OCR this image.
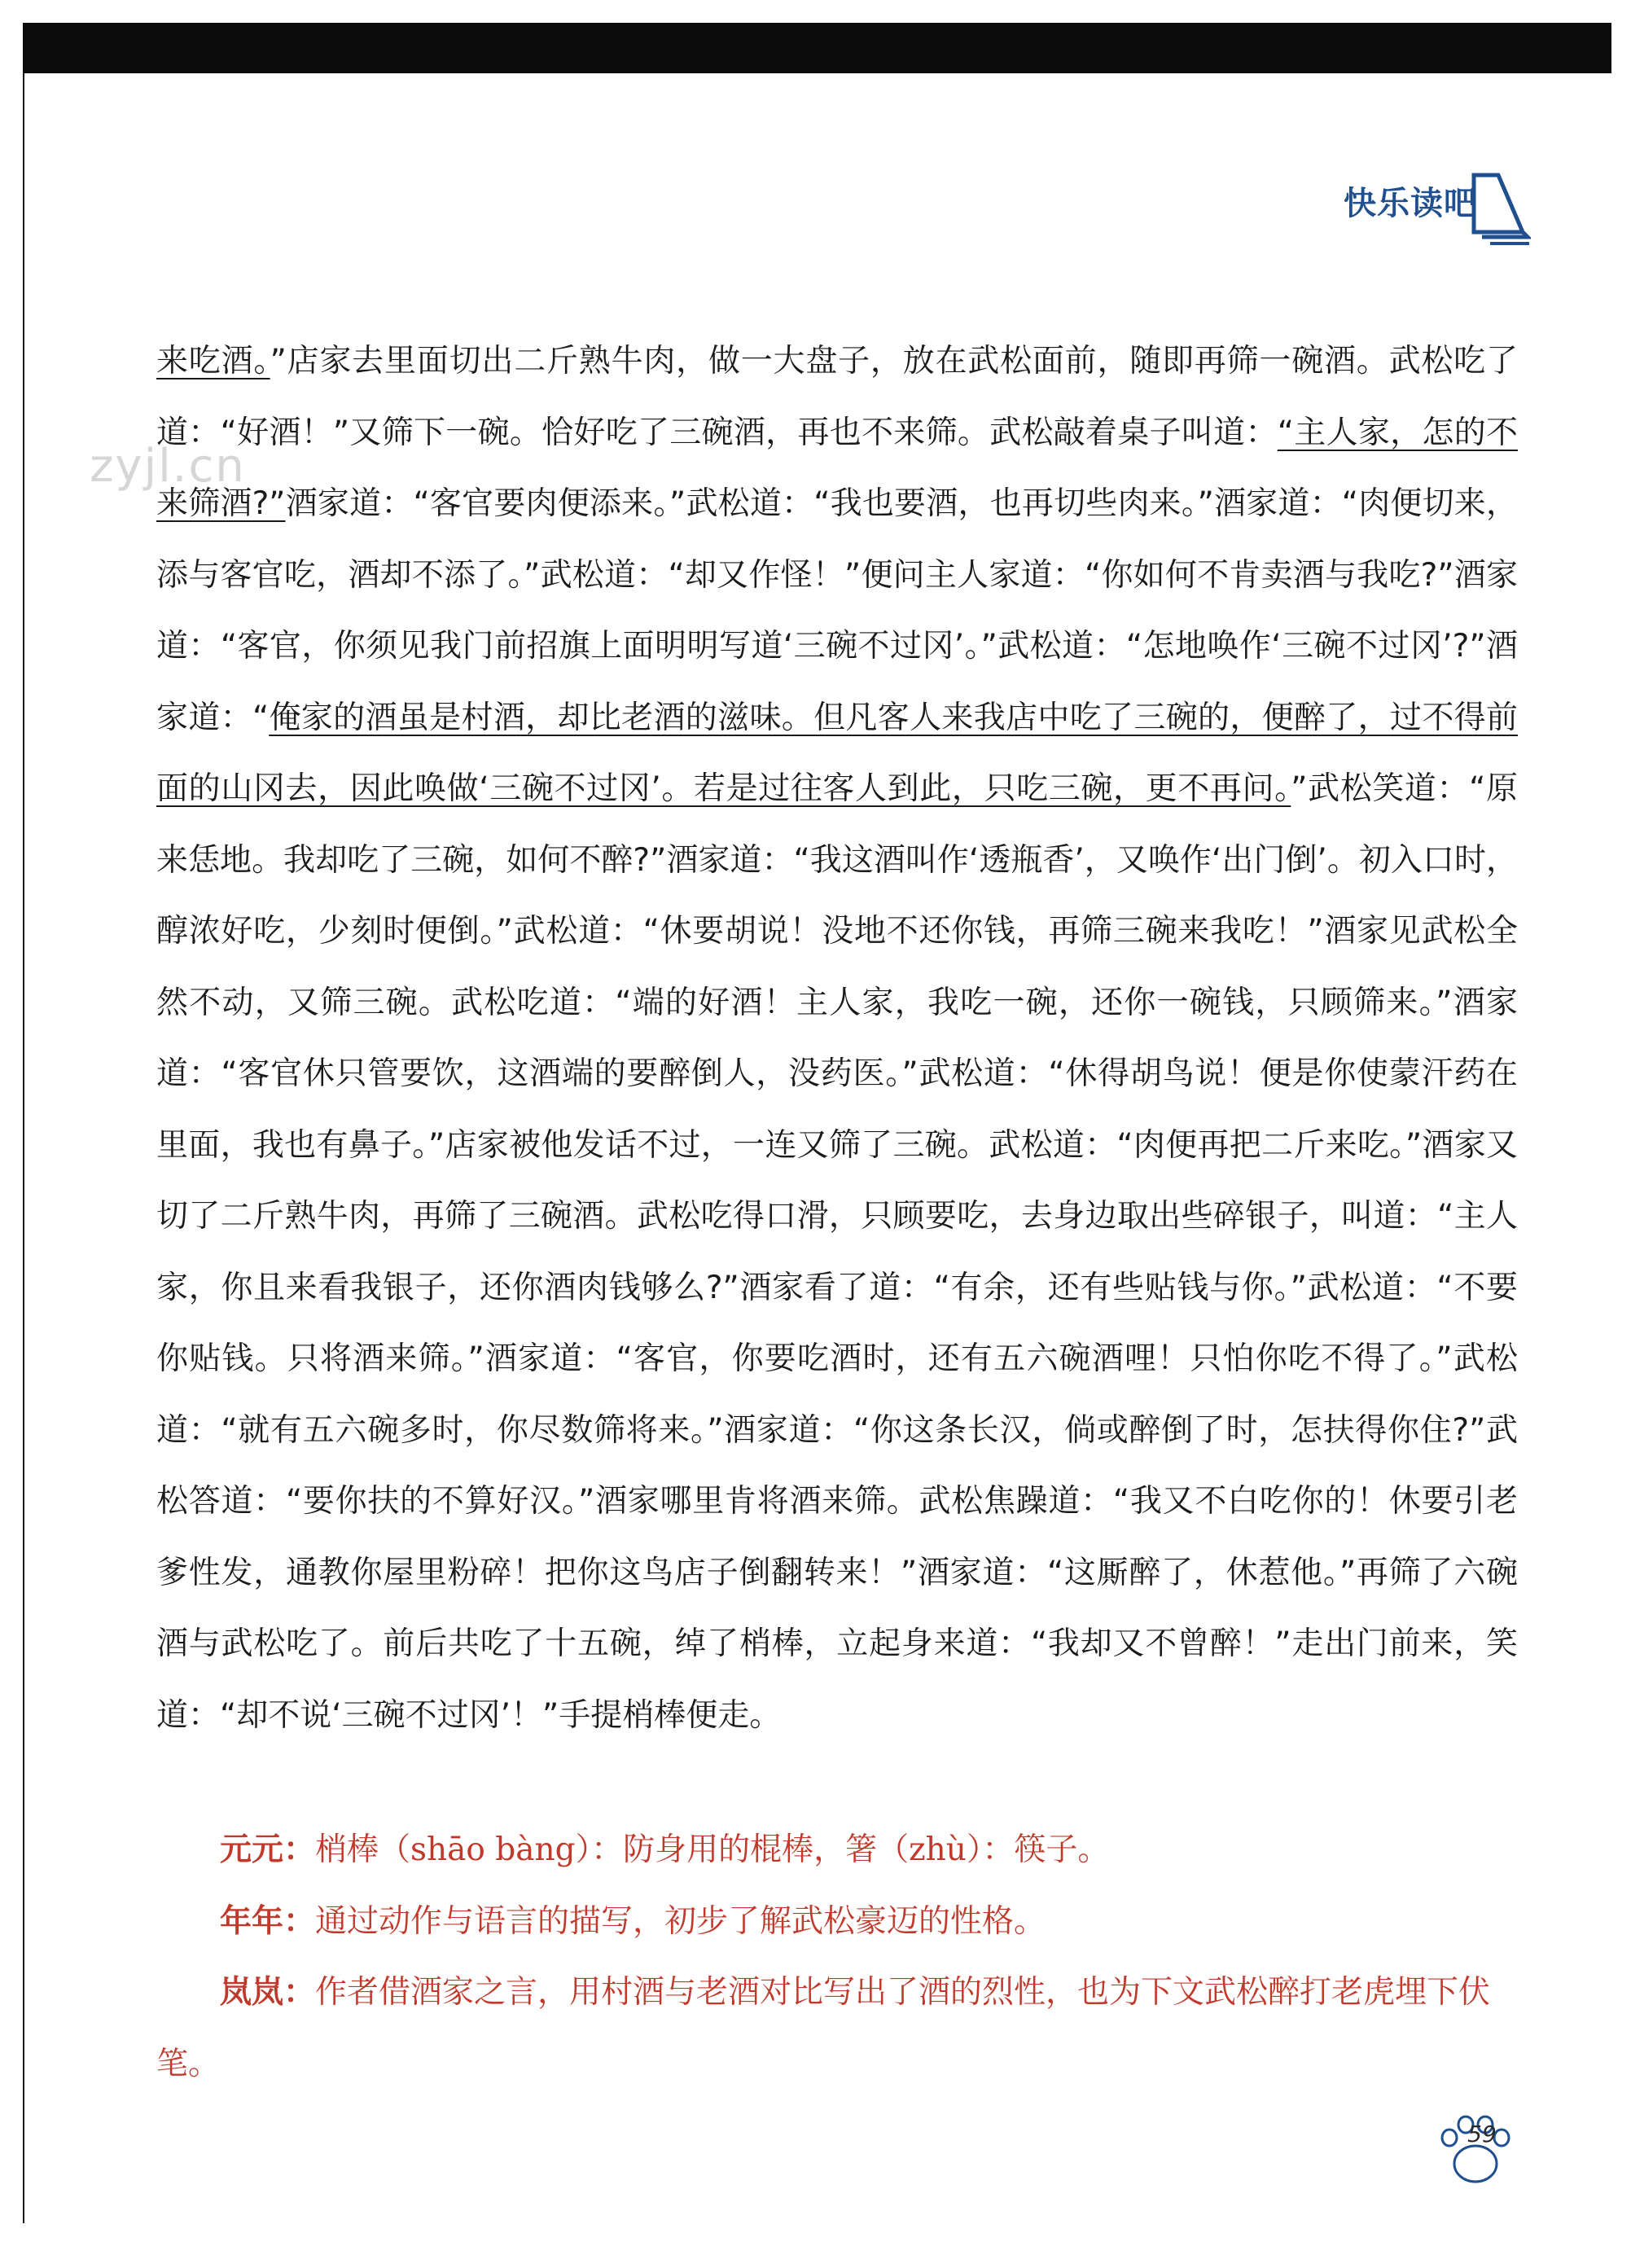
快乐读吧
zyjl.cn
来吃酒。”店家去里面切出二斤熟牛肉，做一大盘子，放在武松面前，随即再筛一碗酒。武松吃了道：“好酒！”又筛下一碗。恰好吃了三碗酒，再也不来筛。武松敲着桌子叫道：“主人家，怎的不来筛酒?”酒家道：“客官要肉便添来。”武松道：“我也要酒，也再切些肉来。”酒家道：“肉便切来，添与客官吃，酒却不添了。”武松道：“却又作怪！”便问主人家道：“你如何不肯卖酒与我吃?”酒家道：“客官，你须见我门前招旗上面明明写道‘三碗不过冈’。”武松道：“怎地唤作‘三碗不过冈’?”酒家道：“俺家的酒虽是村酒，却比老酒的滋味。但凡客人来我店中吃了三碗的，便醉了，过不得前面的山冈去，因此唤做‘三碗不过冈’。若是过往客人到此，只吃三碗，更不再问。”武松笑道：“原来恁地。我却吃了三碗，如何不醉?”酒家道：“我这酒叫作‘透瓶香’，又唤作‘出门倒’。初入口时，醇浓好吃，少刻时便倒。”武松道：“休要胡说！没地不还你钱，再筛三碗来我吃！”酒家见武松全然不动，又筛三碗。武松吃道：“端的好酒！主人家，我吃一碗，还你一碗钱，只顾筛来。”酒家道：“客官休只管要饮，这酒端的要醉倒人，没药医。”武松道：“休得胡鸟说！便是你使蒙汗药在里面，我也有鼻子。”店家被他发话不过，一连又筛了三碗。武松道：“肉便再把二斤来吃。”酒家又切了二斤熟牛肉，再筛了三碗酒。武松吃得口滑，只顾要吃，去身边取出些碎银子，叫道：“主人家，你且来看我银子，还你酒肉钱够么?”酒家看了道：“有余，还有些贴钱与你。”武松道：“不要你贴钱。只将酒来筛。”酒家道：“客官，你要吃酒时，还有五六碗酒哩！只怕你吃不得了。”武松道：“就有五六碗多时，你尽数筛将来。”酒家道：“你这条长汉，倘或醉倒了时，怎扶得你住?”武松答道：“要你扶的不算好汉。”酒家哪里肯将酒来筛。武松焦躁道：“我又不白吃你的！休要引老爹性发，通教你屋里粉碎！把你这鸟店子倒翻转来！”酒家道：“这厮醉了，休惹他。”再筛了六碗酒与武松吃了。前后共吃了十五碗，绰了梢棒，立起身来道：“我却又不曾醉！”走出门前来，笑道：“却不说‘三碗不过冈’！”手提梢棒便走。

元元：梢棒（shāo bàng）：防身用的棍棒，箸（zhù）：筷子。

年年：通过动作与语言的描写，初步了解武松豪迈的性格。

岚岚：作者借酒家之言，用村酒与老酒对比写出了酒的烈性，也为下文武松醉打老虎埋下伏笔。

59
